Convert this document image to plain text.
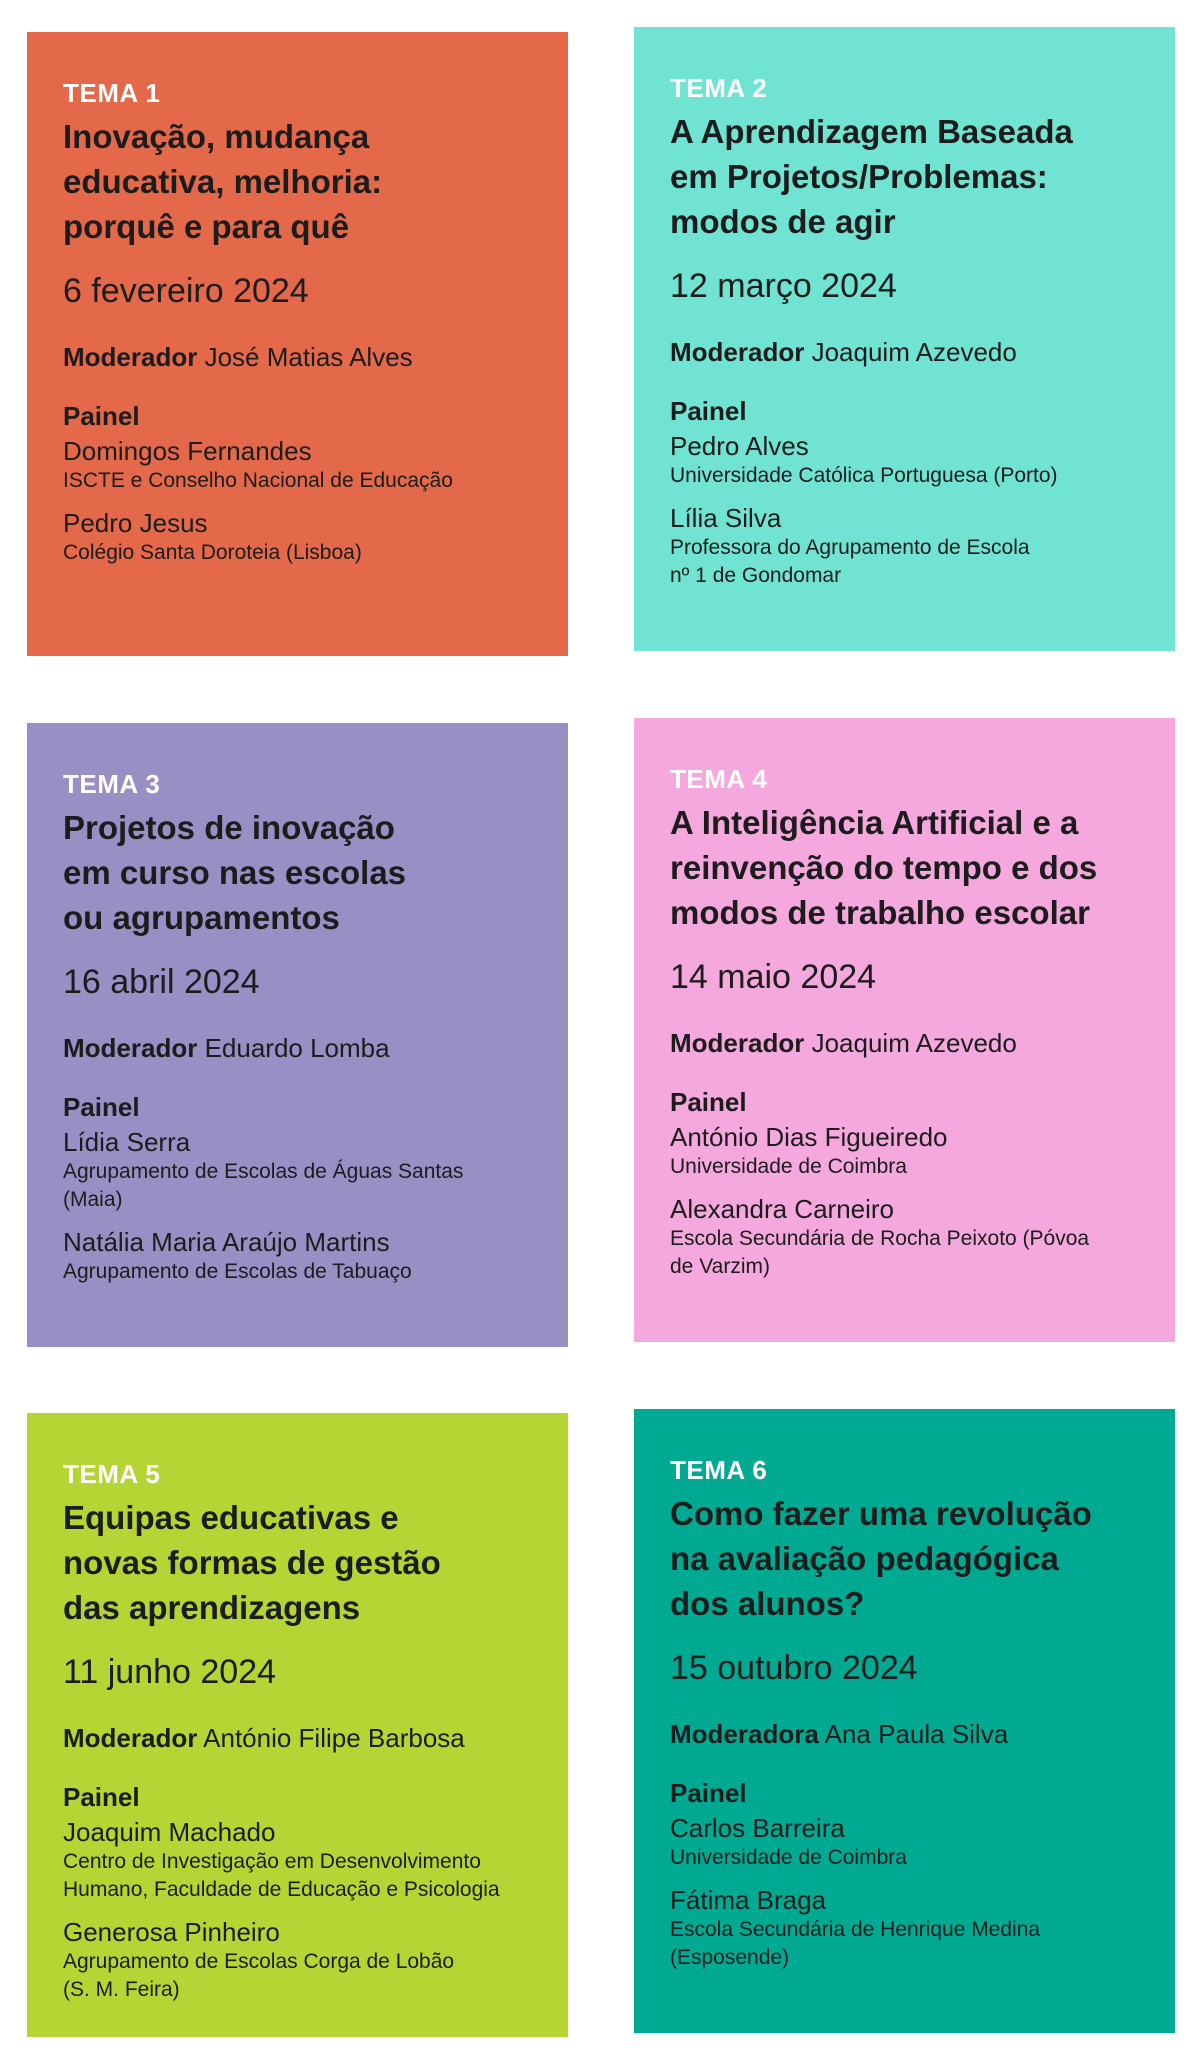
TEMA 1
Inovação, mudança
educativa, melhoria:
porquê e para quê
6 fevereiro 2024
Moderador José Matias Alves
Painel
Domingos Fernandes
ISCTE e Conselho Nacional de Educação
Pedro Jesus
Colégio Santa Doroteia (Lisboa)
TEMA 2
A Aprendizagem Baseada
em Projetos/Problemas:
modos de agir
12 março 2024
Moderador Joaquim Azevedo
Painel
Pedro Alves
Universidade Católica Portuguesa (Porto)
Lília Silva
Professora do Agrupamento de Escola
nº 1 de Gondomar
TEMA 3
Projetos de inovação
em curso nas escolas
ou agrupamentos
16 abril 2024
Moderador Eduardo Lomba
Painel
Lídia Serra
Agrupamento de Escolas de Águas Santas
(Maia)
Natália Maria Araújo Martins
Agrupamento de Escolas de Tabuaço
TEMA 4
A Inteligência Artificial e a
reinvenção do tempo e dos
modos de trabalho escolar
14 maio 2024
Moderador Joaquim Azevedo
Painel
António Dias Figueiredo
Universidade de Coimbra
Alexandra Carneiro
Escola Secundária de Rocha Peixoto (Póvoa
de Varzim)
TEMA 5
Equipas educativas e
novas formas de gestão
das aprendizagens
11 junho 2024
Moderador António Filipe Barbosa
Painel
Joaquim Machado
Centro de Investigação em Desenvolvimento
Humano, Faculdade de Educação e Psicologia
Generosa Pinheiro
Agrupamento de Escolas Corga de Lobão
(S. M. Feira)
TEMA 6
Como fazer uma revolução
na avaliação pedagógica
dos alunos?
15 outubro 2024
Moderadora Ana Paula Silva
Painel
Carlos Barreira
Universidade de Coimbra
Fátima Braga
Escola Secundária de Henrique Medina
(Esposende)
